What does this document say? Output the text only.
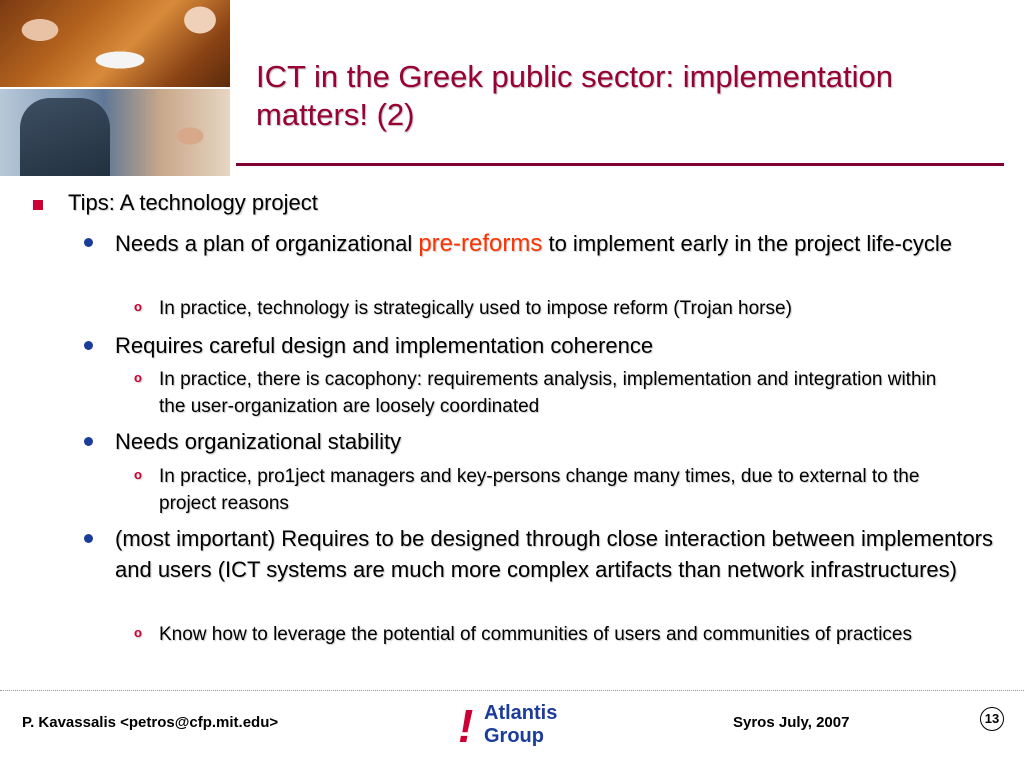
ICT in the Greek public sector: implementation matters! (2)
Tips: A technology project
Needs a plan of organizational pre-reforms to implement early in the project life-cycle
o In practice, technology is strategically used to impose reform (Trojan horse)
Requires careful design and implementation coherence
o In practice, there is cacophony: requirements analysis, implementation and integration within the user-organization are loosely coordinated
Needs organizational stability
o In practice, pro1ject managers and key-persons change many times, due to external to the project reasons
(most important) Requires to be designed through close interaction between implementors and users (ICT systems are much more complex artifacts than network infrastructures)
o Know how to leverage the potential of communities of users and communities of practices
P. Kavassalis <petros@cfp.mit.edu>	! Atlantis
Group
Syros July, 2007	13
